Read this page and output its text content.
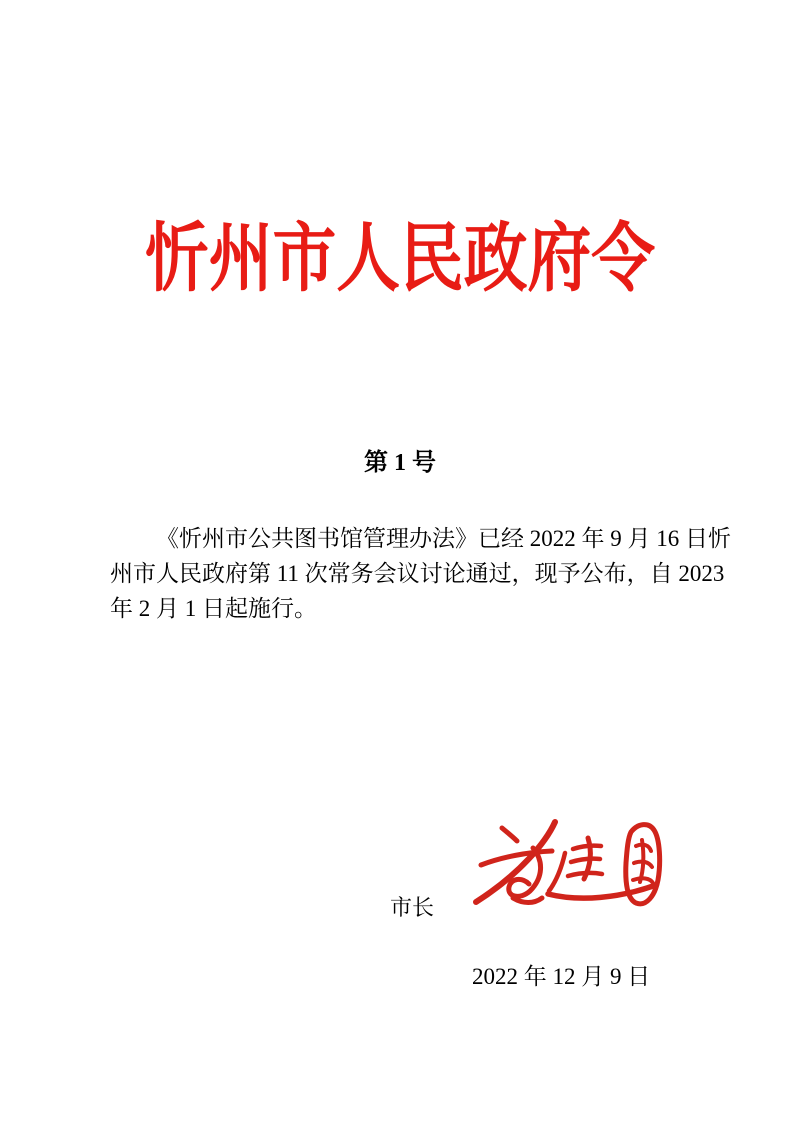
忻州市人民政府令
第 1 号
《忻州市公共图书馆管理办法》已经 2022 年 9 月 16 日忻
州市人民政府第 11 次常务会议讨论通过，现予公布，自 2023
年 2 月 1 日起施行。
市长
2022 年 12 月 9 日
